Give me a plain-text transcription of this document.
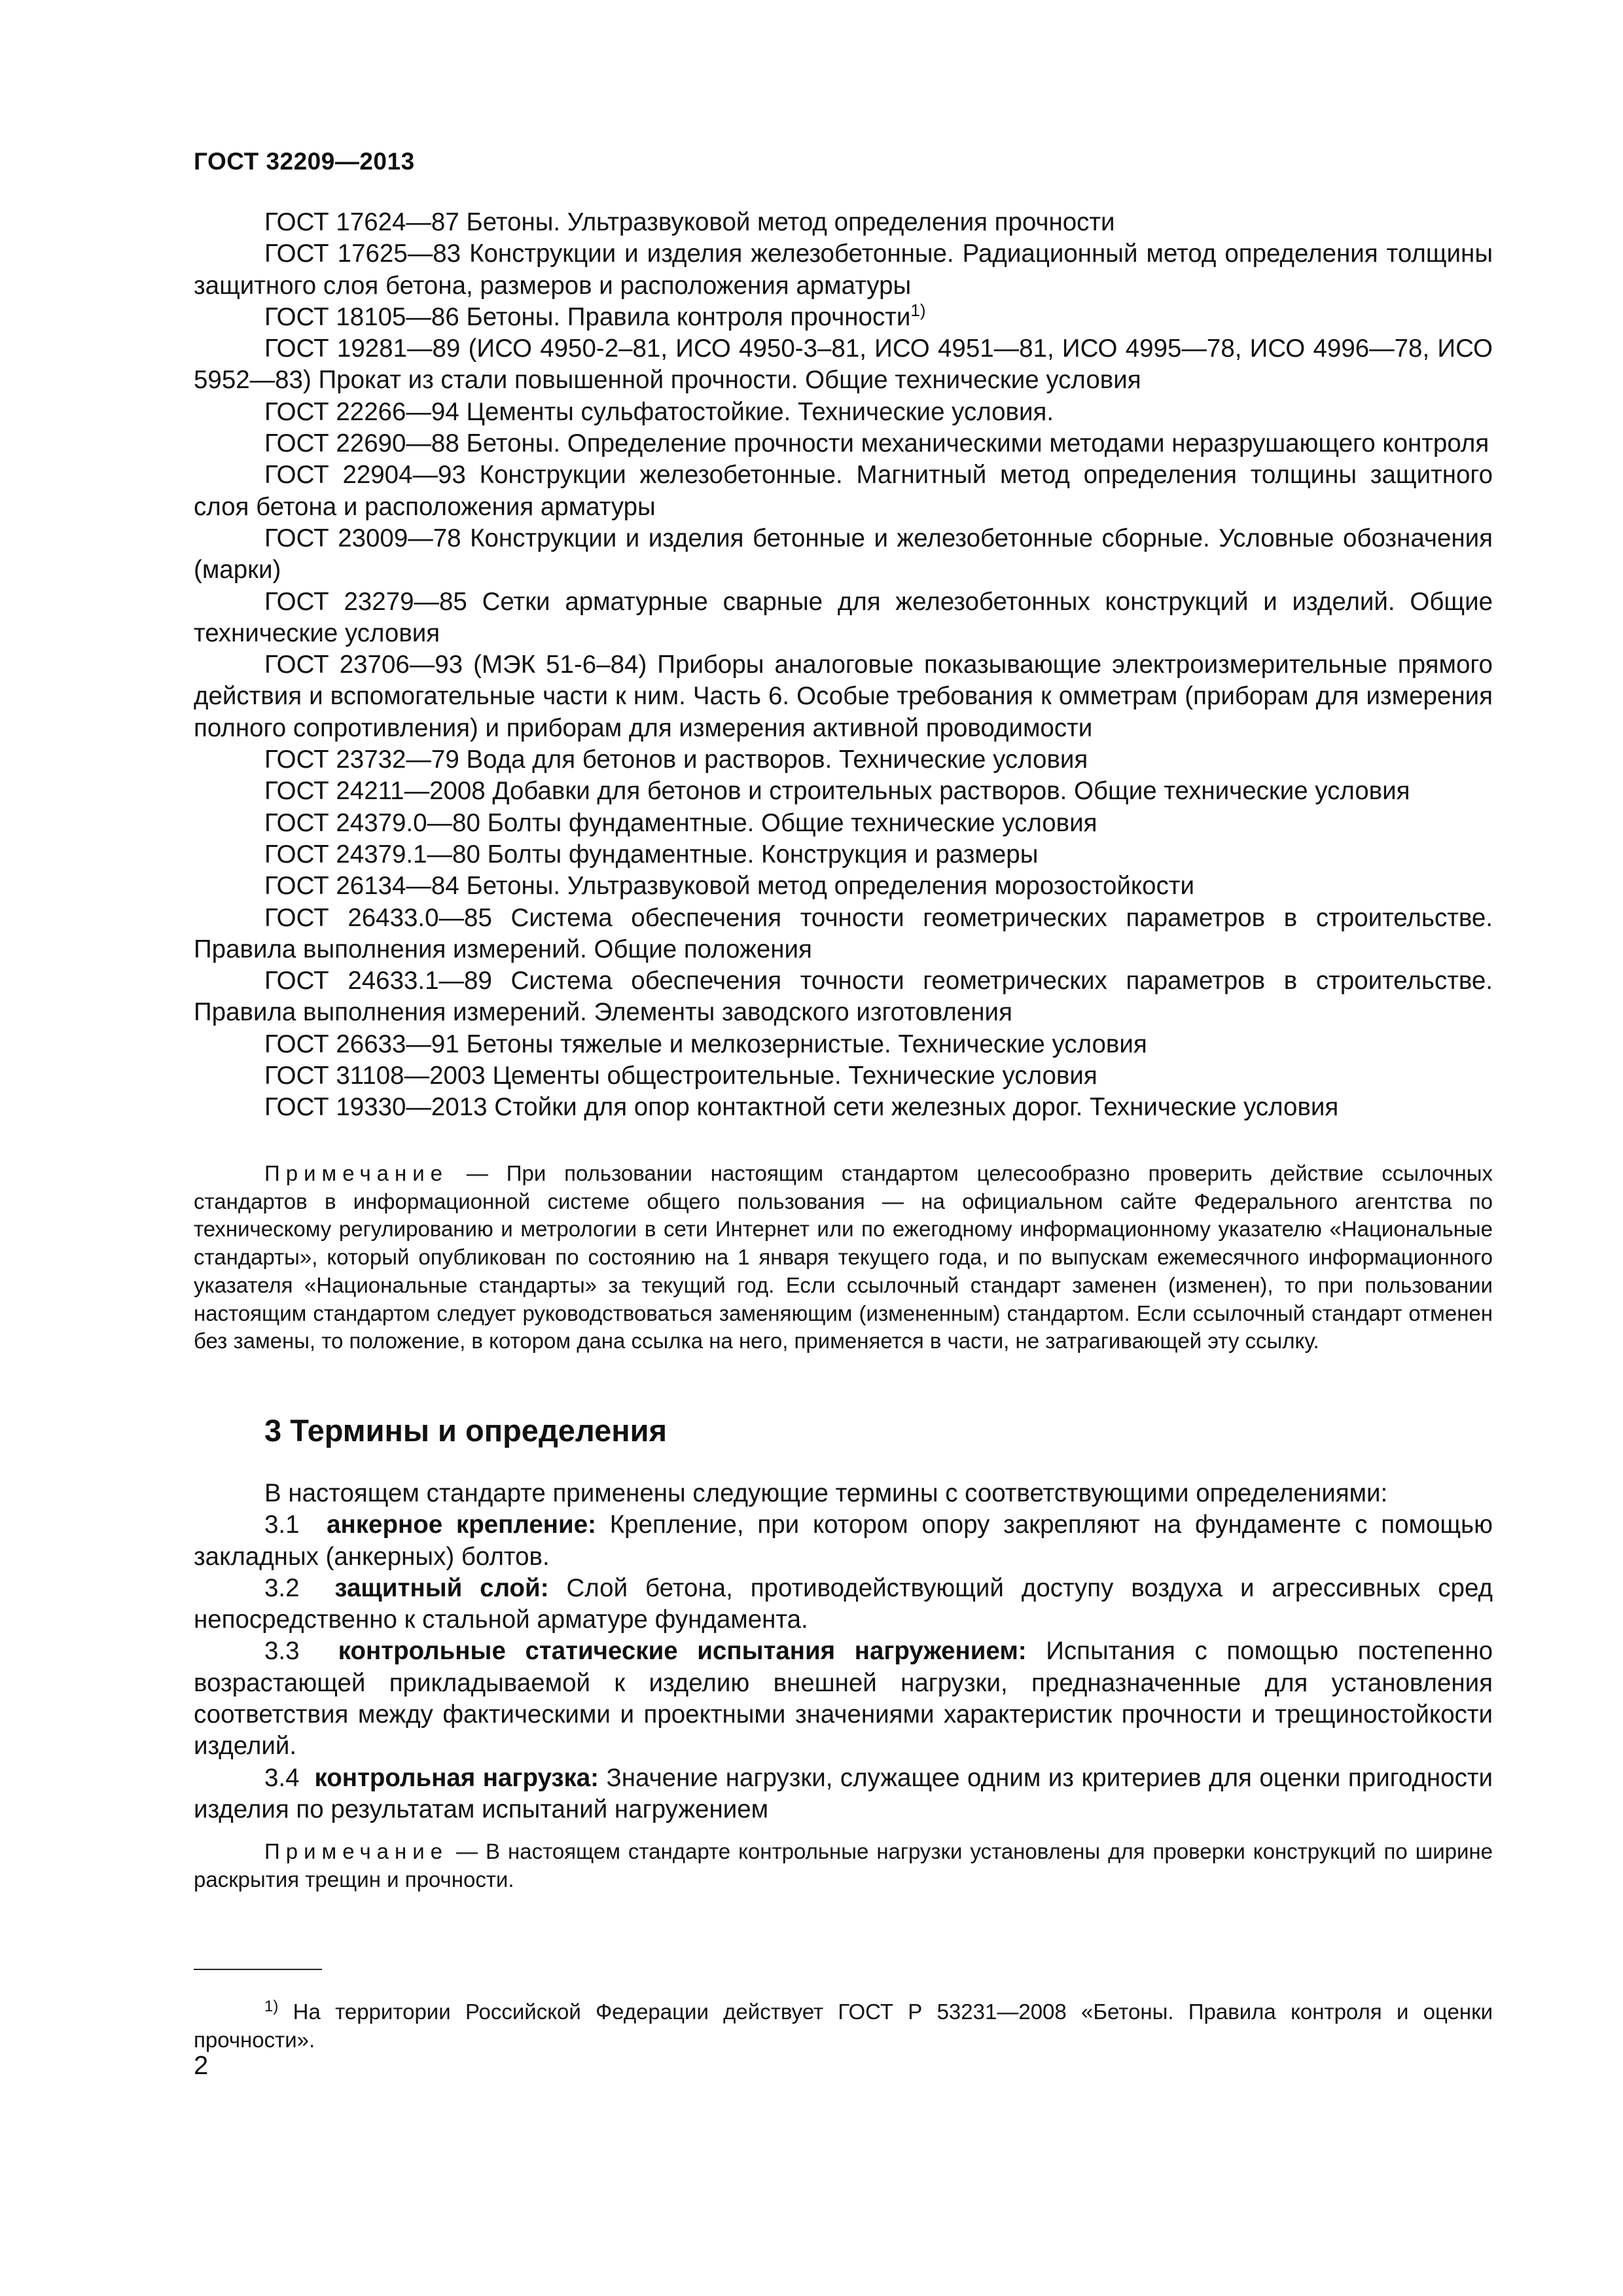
ГОСТ 32209—2013

ГОСТ 17624—87 Бетоны. Ультразвуковой метод определения прочности

ГОСТ 17625—83 Конструкции и изделия железобетонные. Радиационный метод определения толщины защитного слоя бетона, размеров и расположения арматуры

ГОСТ 18105—86 Бетоны. Правила контроля прочности$^{1)}$

ГОСТ 19281—89 (ИСО 4950-2–81, ИСО 4950-3–81, ИСО 4951—81, ИСО 4995—78, ИСО 4996—78, ИСО 5952—83) Прокат из стали повышенной прочности. Общие технические условия

ГОСТ 22266—94 Цементы сульфатостойкие. Технические условия.

ГОСТ 22690—88 Бетоны. Определение прочности механическими методами неразрушающего контроля

ГОСТ 22904—93 Конструкции железобетонные. Магнитный метод определения толщины защитного слоя бетона и расположения арматуры

ГОСТ 23009—78 Конструкции и изделия бетонные и железобетонные сборные. Условные обозначения (марки)

ГОСТ 23279—85 Сетки арматурные сварные для железобетонных конструкций и изделий. Общие технические условия

ГОСТ 23706—93 (МЭК 51-6–84) Приборы аналоговые показывающие электроизмерительные прямого действия и вспомогательные части к ним. Часть 6. Особые требования к омметрам (приборам для измерения полного сопротивления) и приборам для измерения активной проводимости

ГОСТ 23732—79 Вода для бетонов и растворов. Технические условия

ГОСТ 24211—2008 Добавки для бетонов и строительных растворов. Общие технические условия

ГОСТ 24379.0—80 Болты фундаментные. Общие технические условия

ГОСТ 24379.1—80 Болты фундаментные. Конструкция и размеры

ГОСТ 26134—84 Бетоны. Ультразвуковой метод определения морозостойкости

ГОСТ 26433.0—85 Система обеспечения точности геометрических параметров в строительстве. Правила выполнения измерений. Общие положения

ГОСТ 24633.1—89 Система обеспечения точности геометрических параметров в строительстве. Правила выполнения измерений. Элементы заводского изготовления

ГОСТ 26633—91 Бетоны тяжелые и мелкозернистые. Технические условия

ГОСТ 31108—2003 Цементы общестроительные. Технические условия

ГОСТ 19330—2013 Стойки для опор контактной сети железных дорог. Технические условия

Примечание — При пользовании настоящим стандартом целесообразно проверить действие ссылочных стандартов в информационной системе общего пользования — на официальном сайте Федерального агентства по техническому регулированию и метрологии в сети Интернет или по ежегодному информационному указателю «Национальные стандарты», который опубликован по состоянию на 1 января текущего года, и по выпускам ежемесячного информационного указателя «Национальные стандарты» за текущий год. Если ссылочный стандарт заменен (изменен), то при пользовании настоящим стандартом следует руководствоваться заменяющим (измененным) стандартом. Если ссылочный стандарт отменен без замены, то положение, в котором дана ссылка на него, применяется в части, не затрагивающей эту ссылку.

3 Термины и определения

В настоящем стандарте применены следующие термины с соответствующими определениями:

3.1 анкерное крепление: Крепление, при котором опору закрепляют на фундаменте с помощью закладных (анкерных) болтов.

3.2 защитный слой: Слой бетона, противодействующий доступу воздуха и агрессивных сред непосредственно к стальной арматуре фундамента.

3.3 контрольные статические испытания нагружением: Испытания с помощью постепенно возрастающей прикладываемой к изделию внешней нагрузки, предназначенные для установления соответствия между фактическими и проектными значениями характеристик прочности и трещиностойкости изделий.

3.4 контрольная нагрузка: Значение нагрузки, служащее одним из критериев для оценки пригодности изделия по результатам испытаний нагружением

Примечание — В настоящем стандарте контрольные нагрузки установлены для проверки конструкций по ширине раскрытия трещин и прочности.

$^{1)}$ На территории Российской Федерации действует ГОСТ Р 53231—2008 «Бетоны. Правила контроля и оценки прочности».

2
